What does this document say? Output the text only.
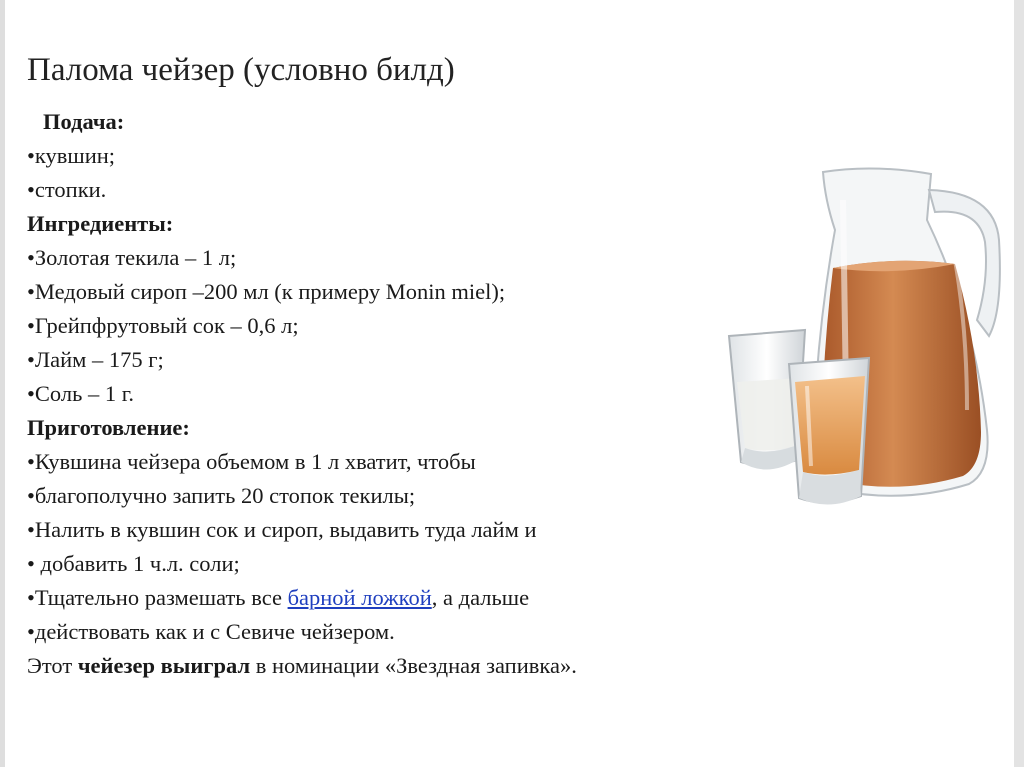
Палома чейзер (условно билд)
Подача:
•кувшин;
•стопки.
Ингредиенты:
•Золотая текила – 1 л;
•Медовый сироп –200 мл (к примеру Monin miel);
•Грейпфрутовый сок – 0,6 л;
•Лайм – 175 г;
•Соль – 1 г.
Приготовление:
•Кувшина чейзера объемом в 1 л хватит, чтобы
•благополучно запить 20 стопок текилы;
•Налить в кувшин сок и сироп, выдавить туда лайм и
• добавить 1 ч.л. соли;
•Тщательно размешать все барной ложкой, а дальше
•действовать как и с Севиче чейзером.
Этот чейезер выиграл в номинации «Звездная запивка».
